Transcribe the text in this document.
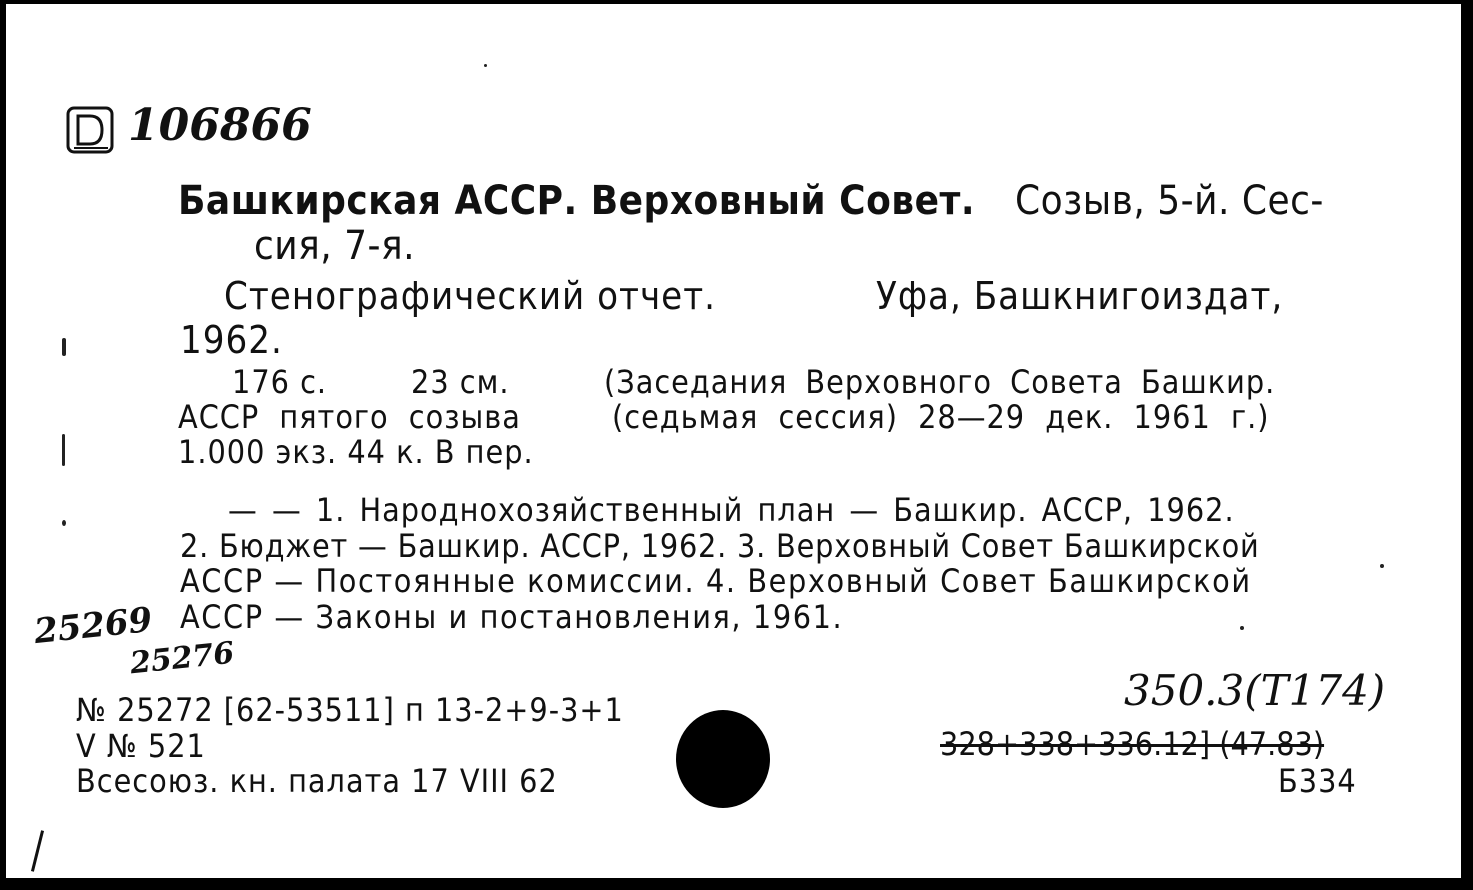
106866
Башкирская АССР. Верховный Совет. Созыв, 5-й. Сес-
сия, 7-я.
Стенографический отчет.	Уфа, Башкнигоиздат,
1962.
176 с.	23 см.	(Заседания Верховного Совета Башкир.
АССР пятого созыва	(седьмая сессия) 28—29 дек. 1961 г.)
1.000 экз. 44 к. В пер.
— — 1. Народнохозяйственный план — Башкир. АССР, 1962.
2. Бюджет — Башкир. АССР, 1962. 3. Верховный Совет Башкирской
АССР — Постоянные комиссии. 4. Верховный Совет Башкирской
АССР — Законы и постановления, 1961.
25269
25276
350.3(Т174)
№ 25272 [62-53511] п 13-2+9-3+1
V № 521
Всесоюз. кн. палата 17 VIII 62
328+338+336.12] (47.83)
Б334
